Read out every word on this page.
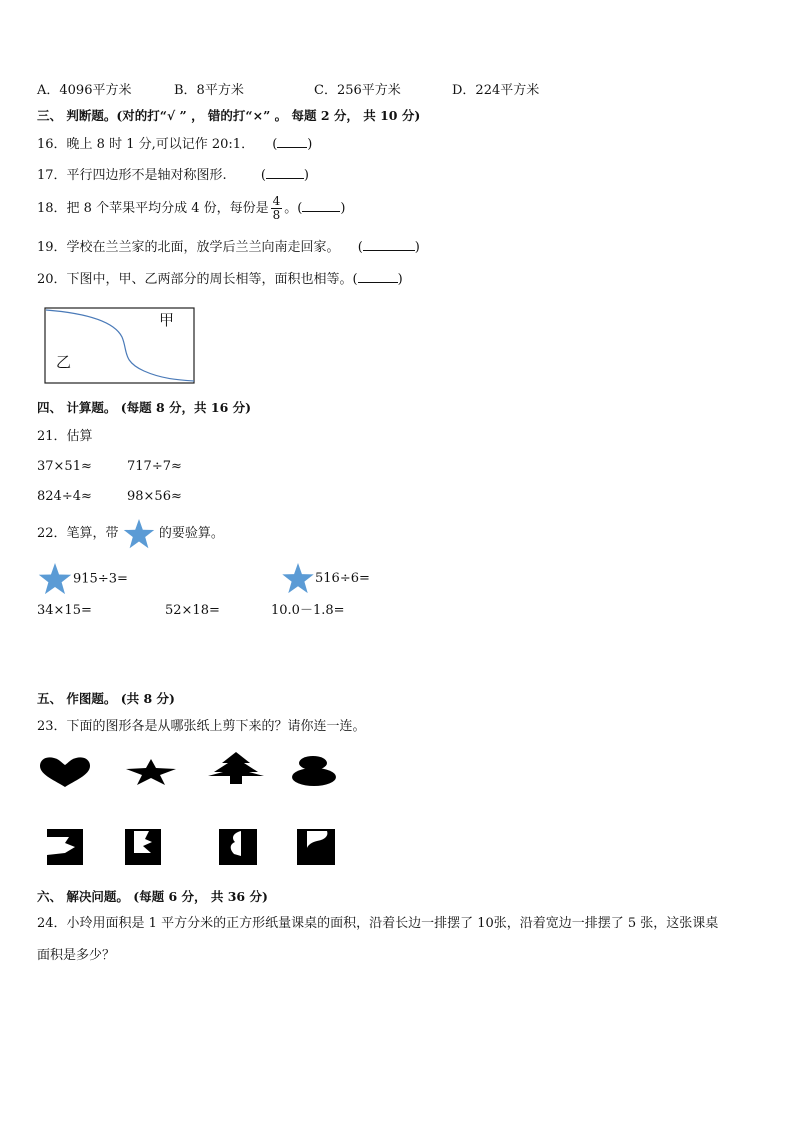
A．4096平方米	B．8平方米	C．256平方米	D．224平方米
三、 判断题。(对的打“√ ” ， 错的打“×” 。 每题 2 分， 共 10 分)
16．晚上 8 时 1 分,可以记作 20:1． ( )
17．平行四边形不是轴对称图形.	(	)
18．把 8 个苹果平均分成 4 份，每份是 $\frac{4}{8}$ 。(	)
19．学校在兰兰家的北面，放学后兰兰向南走回家。 (	)
20．下图中，甲、乙两部分的周长相等，面积也相等。(	)
甲
乙
四、 计算题。 (每题 8 分，共 16 分)
21．估算
37×51≈	717÷7≈
824÷4≈	98×56≈
22．笔算，带	的要验算。
915÷3=	516÷6=
34×15=	52×18=	10.0－1.8=
五、 作图题。 (共 8 分)
23．下面的图形各是从哪张纸上剪下来的？请你连一连。
六、 解决问题。 (每题 6 分， 共 36 分)
24．小玲用面积是 1 平方分米的正方形纸量课桌的面积，沿着长边一排摆了 10张，沿着宽边一排摆了 5 张，这张课桌
面积是多少？
